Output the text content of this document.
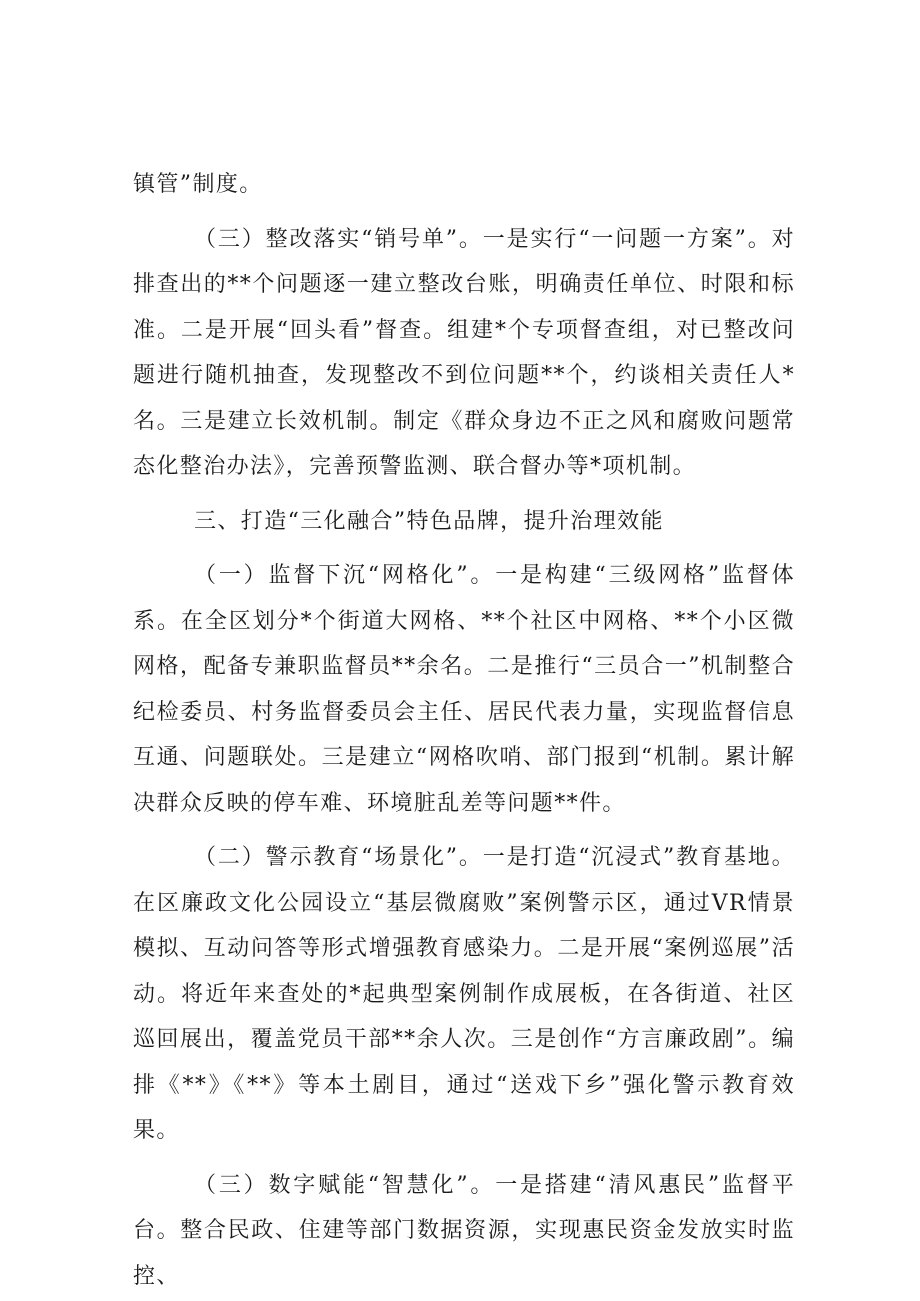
镇管”制度。

（三）整改落实“销号单”。一是实行“一问题一方案”。对排查出的**个问题逐一建立整改台账，明确责任单位、时限和标准。二是开展“回头看”督查。组建*个专项督查组，对已整改问题进行随机抽查，发现整改不到位问题**个，约谈相关责任人*名。三是建立长效机制。制定《群众身边不正之风和腐败问题常态化整治办法》，完善预警监测、联合督办等*项机制。

三、打造“三化融合”特色品牌，提升治理效能

（一）监督下沉“网格化”。一是构建“三级网格”监督体系。在全区划分*个街道大网格、**个社区中网格、**个小区微网格，配备专兼职监督员**余名。二是推行“三员合一”机制整合纪检委员、村务监督委员会主任、居民代表力量，实现监督信息互通、问题联处。三是建立“网格吹哨、部门报到“机制。累计解决群众反映的停车难、环境脏乱差等问题**件。

（二）警示教育“场景化”。一是打造“沉浸式”教育基地。在区廉政文化公园设立“基层微腐败”案例警示区，通过VR情景模拟、互动问答等形式增强教育感染力。二是开展“案例巡展”活动。将近年来查处的*起典型案例制作成展板，在各街道、社区巡回展出，覆盖党员干部**余人次。三是创作“方言廉政剧”。编排《**》《**》等本土剧目，通过“送戏下乡”强化警示教育效果。

（三）数字赋能“智慧化”。一是搭建“清风惠民”监督平台。整合民政、住建等部门数据资源，实现惠民资金发放实时监控、
